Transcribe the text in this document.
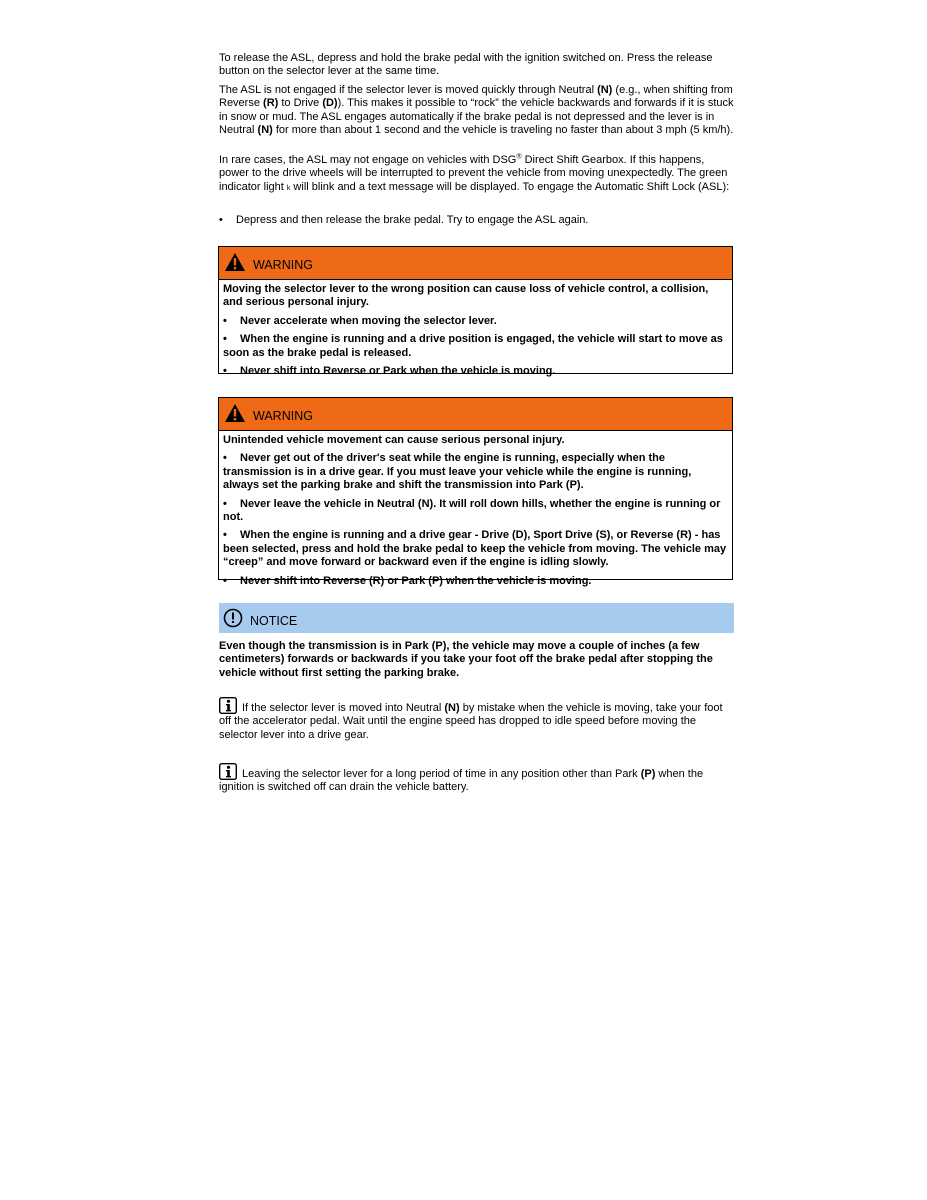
To release the ASL, depress and hold the brake pedal with the ignition switched on. Press the release button on the selector lever at the same time.

The ASL is not engaged if the selector lever is moved quickly through Neutral (N) (e.g., when shifting from Reverse (R) to Drive (D)). This makes it possible to “rock” the vehicle backwards and forwards if it is stuck in snow or mud. The ASL engages automatically if the brake pedal is not depressed and the lever is in Neutral (N) for more than about 1 second and the vehicle is traveling no faster than about 3 mph (5 km/h).

In rare cases, the ASL may not engage on vehicles with DSG® Direct Shift Gearbox. If this happens, power to the drive wheels will be interrupted to prevent the vehicle from moving unexpectedly. The green indicator light k will blink and a text message will be displayed. To engage the Automatic Shift Lock (ASL):

•	Depress and then release the brake pedal. Try to engage the ASL again.
WARNING
Moving the selector lever to the wrong position can cause loss of vehicle control, a collision, and serious personal injury.
• Never accelerate when moving the selector lever.
• When the engine is running and a drive position is engaged, the vehicle will start to move as soon as the brake pedal is released.
• Never shift into Reverse or Park when the vehicle is moving.
WARNING
Unintended vehicle movement can cause serious personal injury.
• Never get out of the driver's seat while the engine is running, especially when the transmission is in a drive gear. If you must leave your vehicle while the engine is running, always set the parking brake and shift the transmission into Park (P).
• Never leave the vehicle in Neutral (N). It will roll down hills, whether the engine is running or not.
• When the engine is running and a drive gear - Drive (D), Sport Drive (S), or Reverse (R) - has been selected, press and hold the brake pedal to keep the vehicle from moving. The vehicle may “creep” and move forward or backward even if the engine is idling slowly.
• Never shift into Reverse (R) or Park (P) when the vehicle is moving.
NOTICE
Even though the transmission is in Park (P), the vehicle may move a couple of inches (a few centimeters) forwards or backwards if you take your foot off the brake pedal after stopping the vehicle without first setting the parking brake.
If the selector lever is moved into Neutral (N) by mistake when the vehicle is moving, take your foot off the accelerator pedal. Wait until the engine speed has dropped to idle speed before moving the selector lever into a drive gear.
Leaving the selector lever for a long period of time in any position other than Park (P) when the ignition is switched off can drain the vehicle battery.
